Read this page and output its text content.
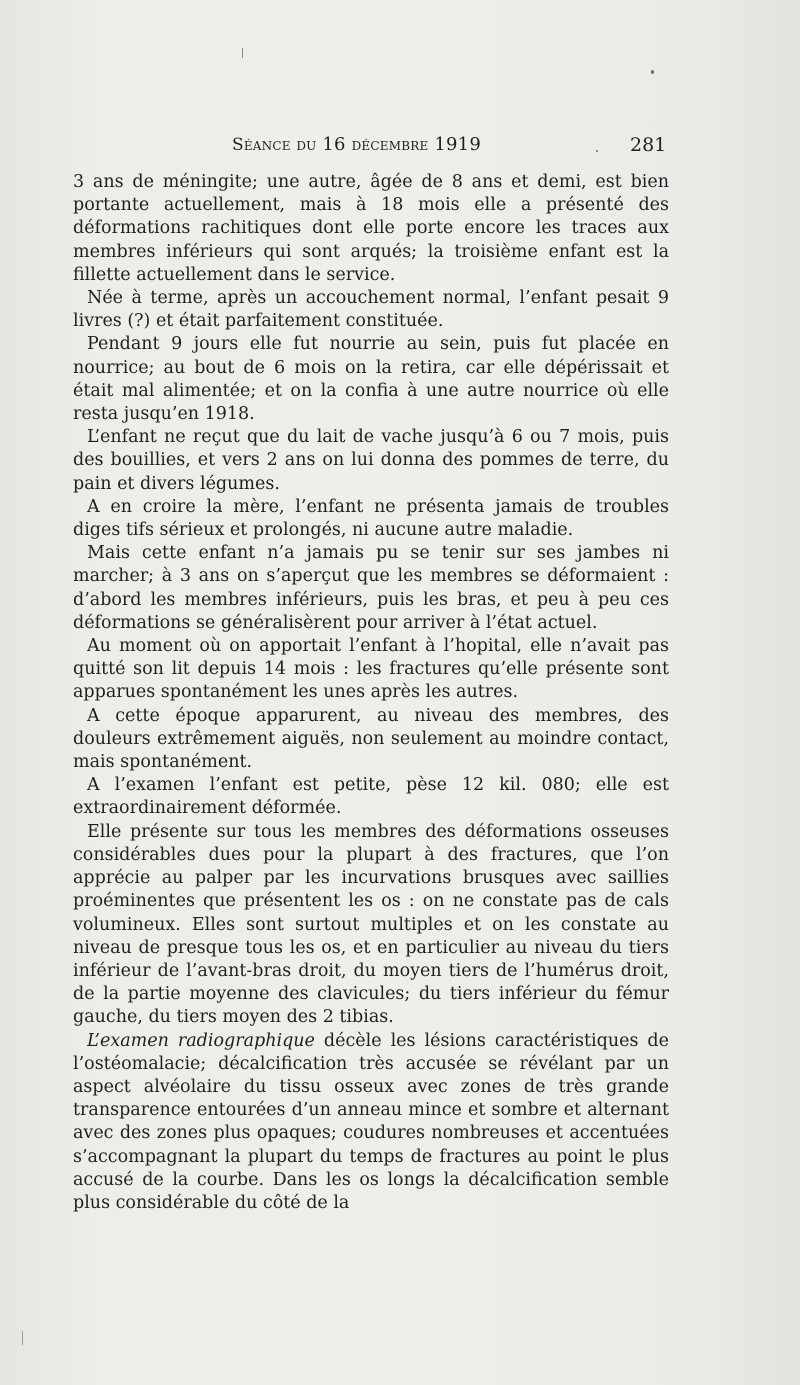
Séance du 16 décembre 1919	281

3 ans de méningite; une autre, âgée de 8 ans et demi, est bien portante actuellement, mais à 18 mois elle a présenté des déformations rachitiques dont elle porte encore les traces aux membres inférieurs qui sont arqués; la troisième enfant est la fillette actuellement dans le service.

Née à terme, après un accouchement normal, l’enfant pesait 9 livres (?) et était parfaitement constituée.

Pendant 9 jours elle fut nourrie au sein, puis fut placée en nourrice; au bout de 6 mois on la retira, car elle dépérissait et était mal alimentée; et on la confia à une autre nourrice où elle resta jusqu’en 1918.

L’enfant ne reçut que du lait de vache jusqu’à 6 ou 7 mois, puis des bouillies, et vers 2 ans on lui donna des pommes de terre, du pain et divers légumes.

A en croire la mère, l’enfant ne présenta jamais de troubles diges tifs sérieux et prolongés, ni aucune autre maladie.

Mais cette enfant n’a jamais pu se tenir sur ses jambes ni marcher; à 3 ans on s’aperçut que les membres se déformaient : d’abord les membres inférieurs, puis les bras, et peu à peu ces déformations se généralisèrent pour arriver à l’état actuel.

Au moment où on apportait l’enfant à l’hopital, elle n’avait pas quitté son lit depuis 14 mois : les fractures qu’elle présente sont apparues spontanément les unes après les autres.

A cette époque apparurent, au niveau des membres, des douleurs extrêmement aiguës, non seulement au moindre contact, mais spontanément.

A l’examen l’enfant est petite, pèse 12 kil. 080; elle est extraordinairement déformée.

Elle présente sur tous les membres des déformations osseuses considérables dues pour la plupart à des fractures, que l’on apprécie au palper par les incurvations brusques avec saillies proéminentes que présentent les os : on ne constate pas de cals volumineux. Elles sont surtout multiples et on les constate au niveau de presque tous les os, et en particulier au niveau du tiers inférieur de l’avant-bras droit, du moyen tiers de l’humérus droit, de la partie moyenne des clavicules; du tiers inférieur du fémur gauche, du tiers moyen des 2 tibias.

L’examen radiographique décèle les lésions caractéristiques de l’ostéomalacie; décalcification très accusée se révélant par un aspect alvéolaire du tissu osseux avec zones de très grande transparence entourées d’un anneau mince et sombre et alternant avec des zones plus opaques; coudures nombreuses et accentuées s’accompagnant la plupart du temps de fractures au point le plus accusé de la courbe. Dans les os longs la décalcification semble plus considérable du côté de la
